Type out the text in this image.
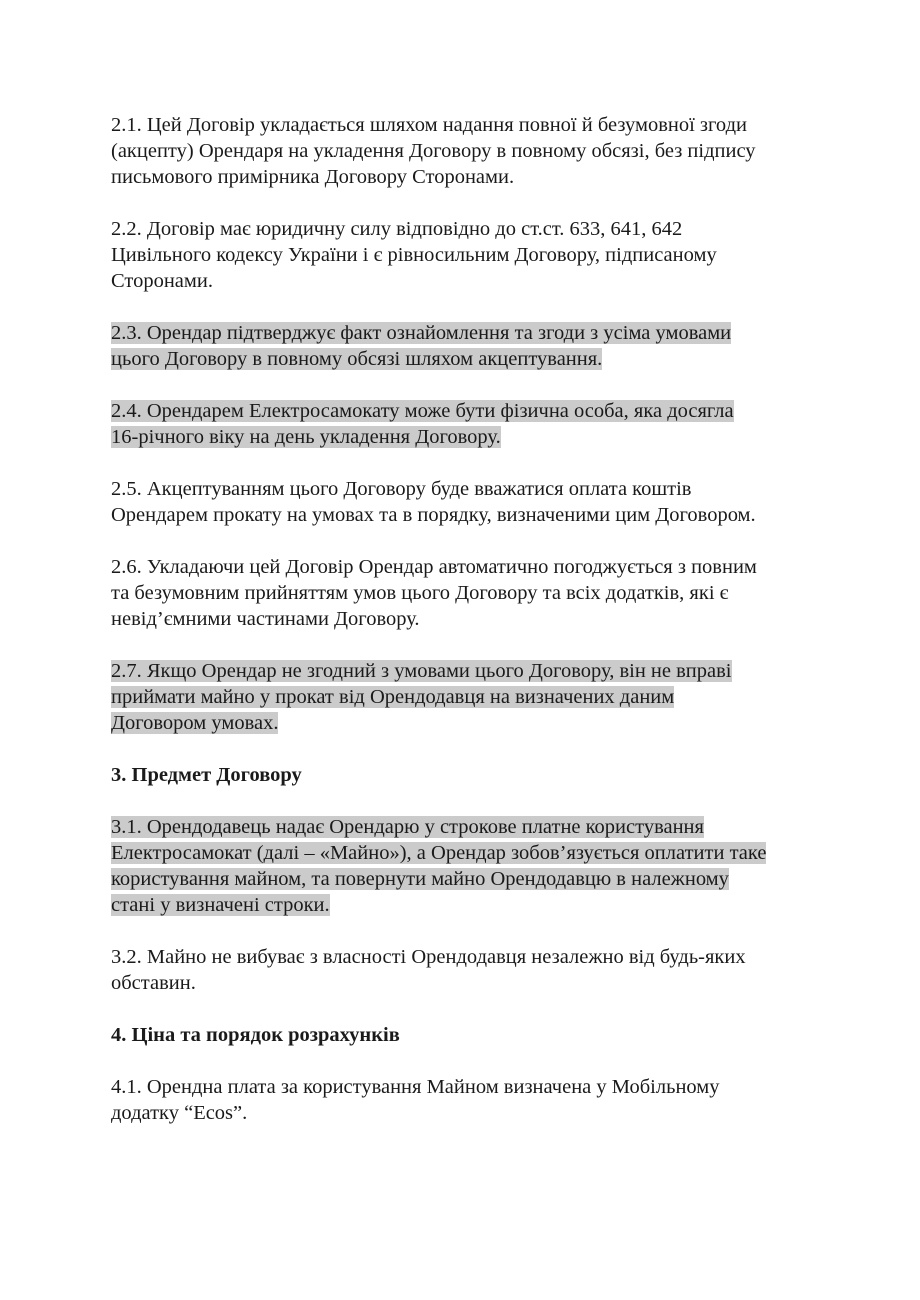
2.1. Цей Договір укладається шляхом надання повної й безумовної згоди
(акцепту) Орендаря на укладення Договору в повному обсязі, без підпису
письмового примірника Договору Сторонами.
2.2. Договір має юридичну силу відповідно до ст.ст. 633, 641, 642
Цивільного кодексу України і є рівносильним Договору, підписаному
Сторонами.
2.3. Орендар підтверджує факт ознайомлення та згоди з усіма умовами
цього Договору в повному обсязі шляхом акцептування.
2.4. Орендарем Електросамокату може бути фізична особа, яка досягла
16-річного віку на день укладення Договору.
2.5. Акцептуванням цього Договору буде вважатися оплата коштів
Орендарем прокату на умовах та в порядку, визначеними цим Договором.
2.6. Укладаючи цей Договір Орендар автоматично погоджується з повним
та безумовним прийняттям умов цього Договору та всіх додатків, які є
невід’ємними частинами Договору.
2.7. Якщо Орендар не згодний з умовами цього Договору, він не вправі
приймати майно у прокат від Орендодавця на визначених даним
Договором умовах.
3. Предмет Договору
3.1. Орендодавець надає Орендарю у строкове платне користування
Електросамокат (далі – «Майно»), а Орендар зобов’язується оплатити таке
користування майном, та повернути майно Орендодавцю в належному
стані у визначені строки.
3.2. Майно не вибуває з власності Орендодавця незалежно від будь-яких
обставин.
4. Ціна та порядок розрахунків
4.1. Орендна плата за користування Майном визначена у Мобільному
додатку “Ecos”.
